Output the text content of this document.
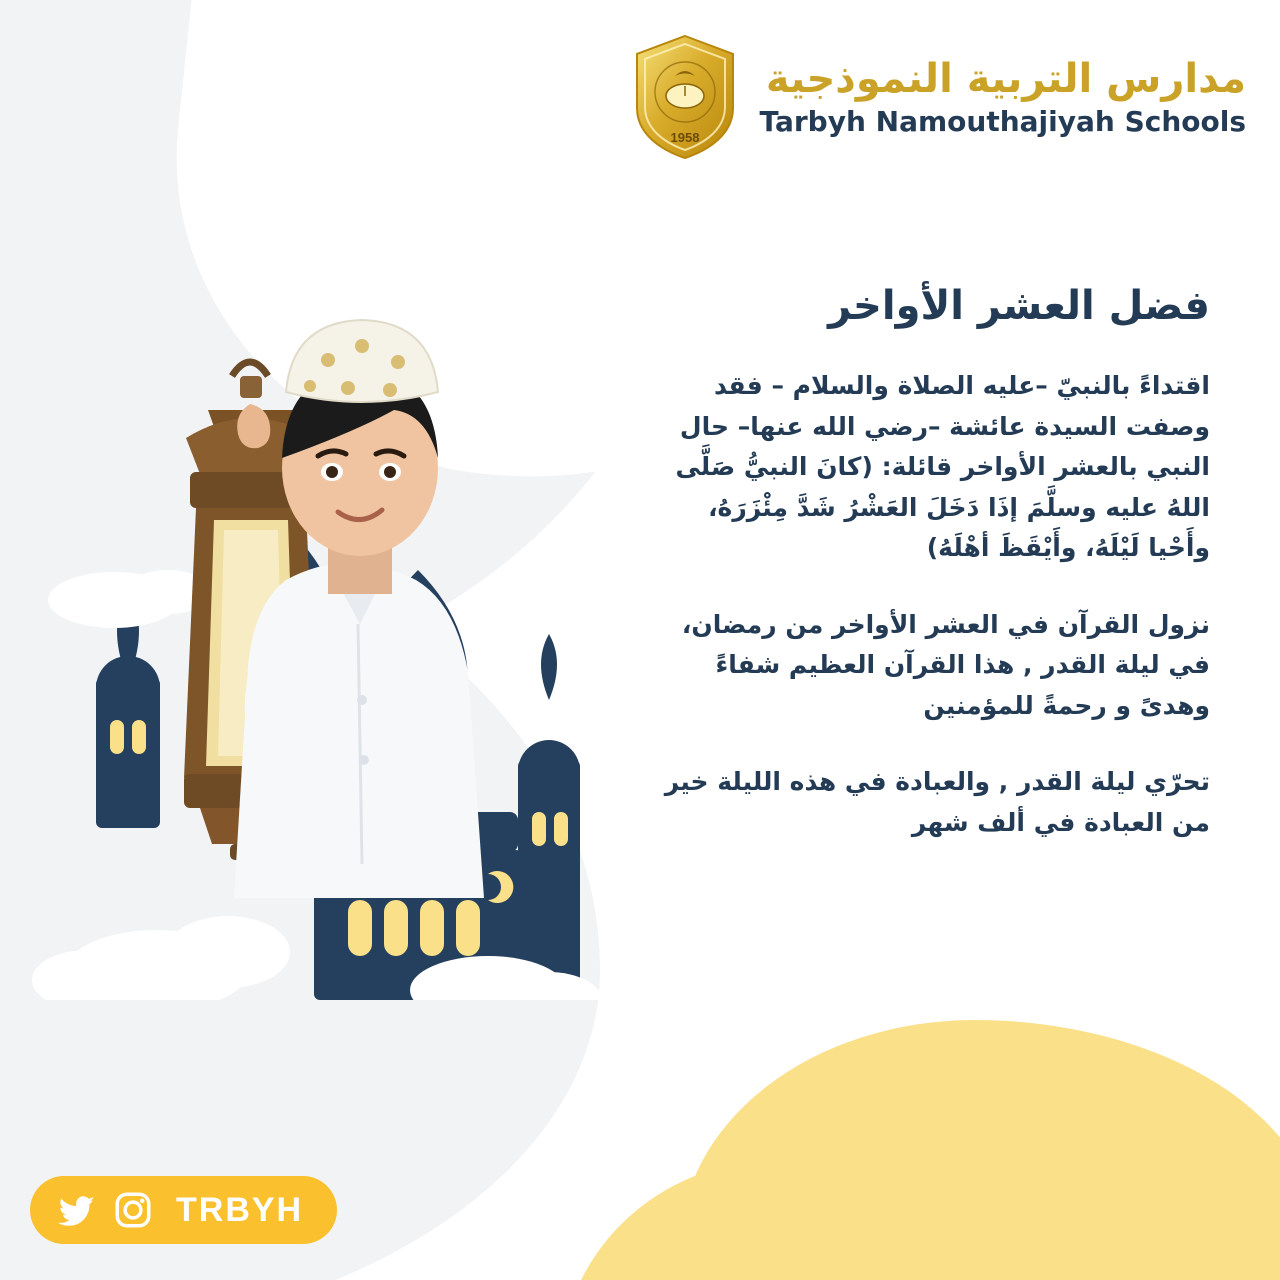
مدارس التربية النموذجية
Tarbyh Namouthajiyah Schools
1958
فضل العشر الأواخر

اقتداءً بالنبيّ –عليه الصلاة والسلام – فقد وصفت السيدة عائشة –رضي الله عنها– حال النبي بالعشر الأواخر قائلة: (كانَ النبيُّ صَلَّى اللهُ عليه وسلَّمَ إذَا دَخَلَ العَشْرُ شَدَّ مِئْزَرَهُ، وأَحْيا لَيْلَهُ، وأَيْقَظَ أهْلَهُ)

نزول القرآن في العشر الأواخر من رمضان، في ليلة القدر , هذا القرآن العظيم شفاءً وهدىً و رحمةً للمؤمنين

تحرّي ليلة القدر , والعبادة في هذه الليلة خير من العبادة في ألف شهر

TRBYH
